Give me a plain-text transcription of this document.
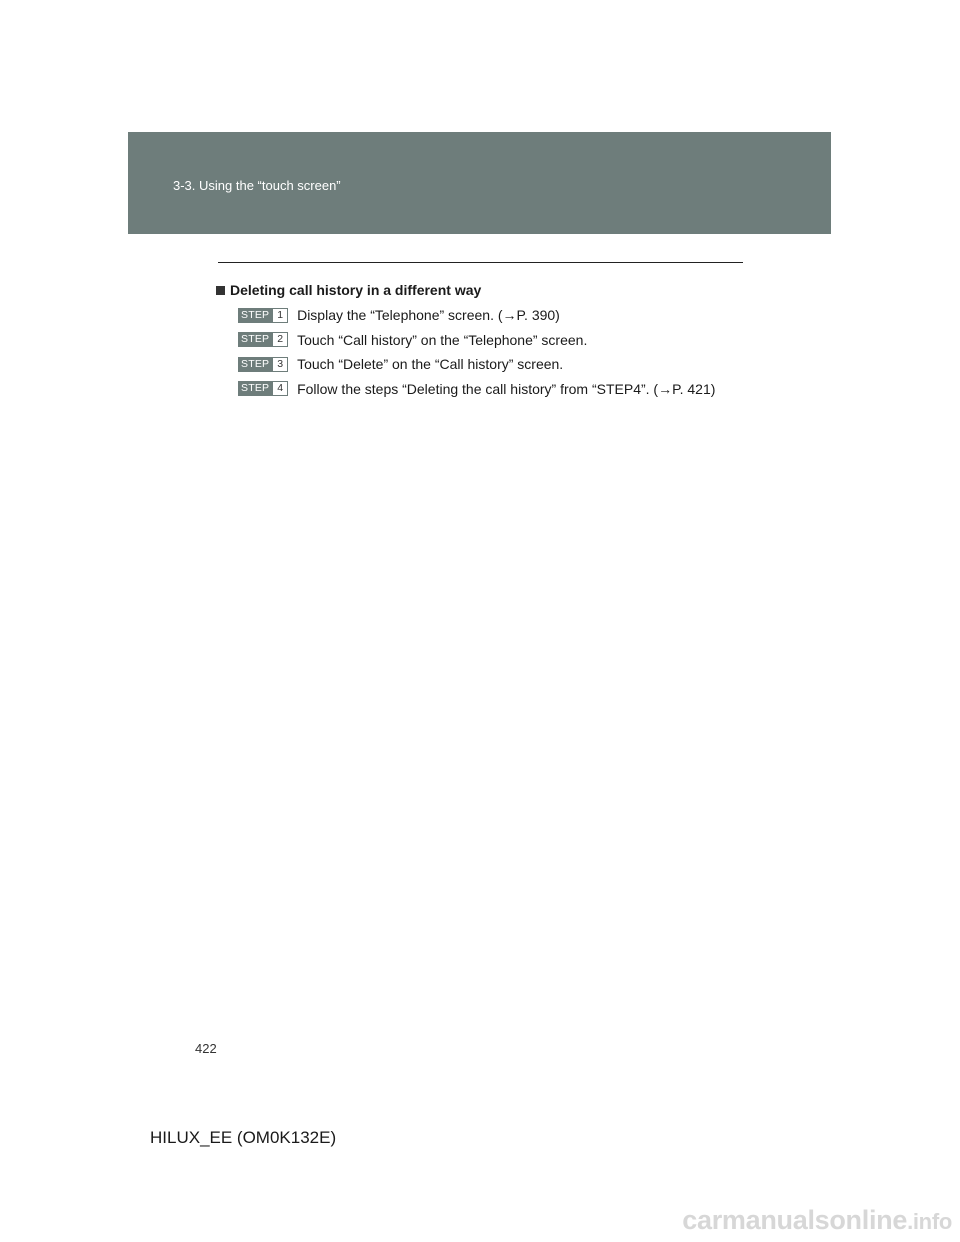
3-3. Using the “touch screen”
Deleting call history in a different way
STEP 1 Display the “Telephone” screen. (→P. 390)
STEP 2 Touch “Call history” on the “Telephone” screen.
STEP 3 Touch “Delete” on the “Call history” screen.
STEP 4 Follow the steps “Deleting the call history” from “STEP4”. (→P. 421)
422
HILUX_EE (OM0K132E)
carmanualsonline .info
